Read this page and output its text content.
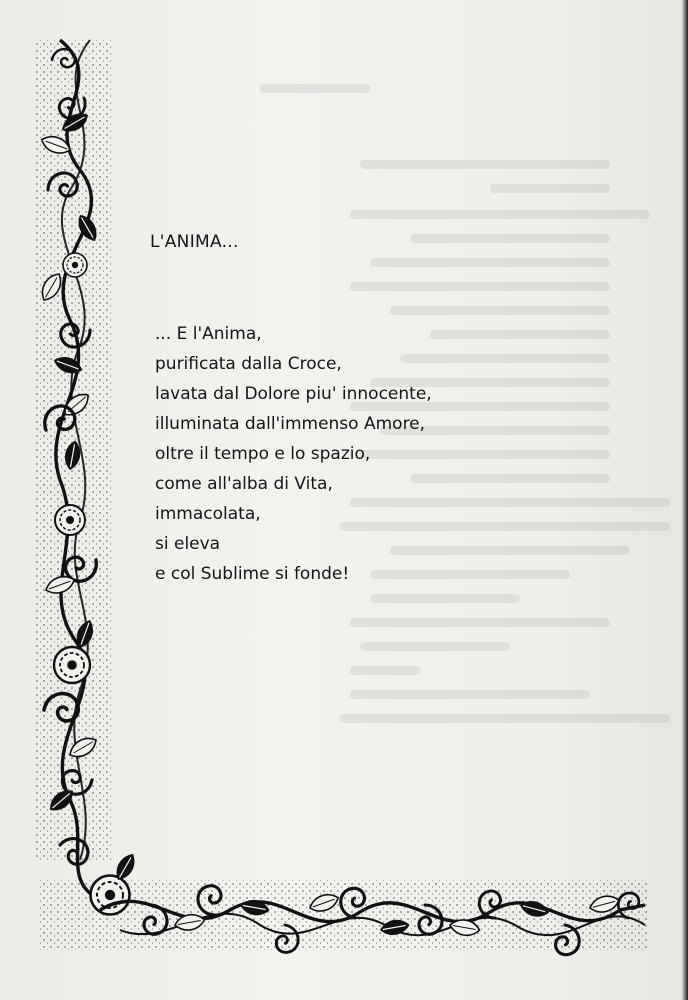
L'ANIMA...
... E l'Anima,
purificata dalla Croce,
lavata dal Dolore piu' innocente,
illuminata dall'immenso Amore,
oltre il tempo e lo spazio,
come all'alba di Vita,
immacolata,
si eleva
e col Sublime si fonde!
